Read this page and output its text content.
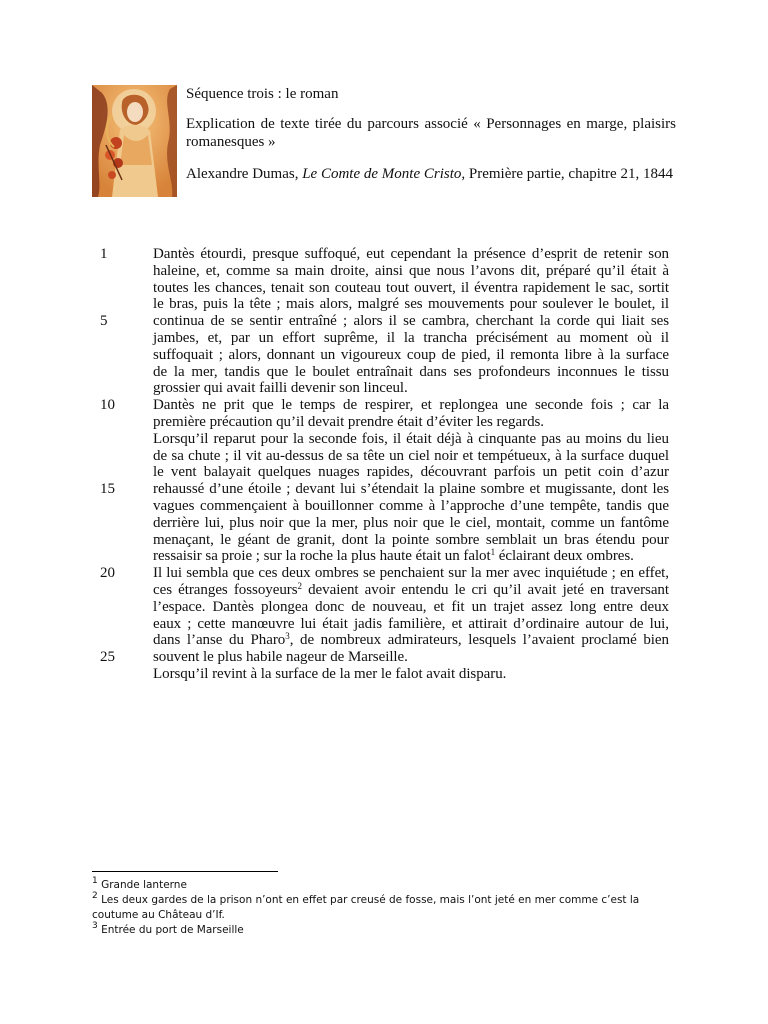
Séquence trois : le roman

Explication de texte tirée du parcours associé « Personnages en marge, plaisirs romanesques »

Alexandre Dumas, Le Comte de Monte Cristo, Première partie, chapitre 21, 1844

1
5
10
15
20
25
Dantès étourdi, presque suffoqué, eut cependant la présence d’esprit de retenir son
haleine, et, comme sa main droite, ainsi que nous l’avons dit, préparé qu’il était à
toutes les chances, tenait son couteau tout ouvert, il éventra rapidement le sac, sortit
le bras, puis la tête ; mais alors, malgré ses mouvements pour soulever le boulet, il
continua de se sentir entraîné ; alors il se cambra, cherchant la corde qui liait ses
jambes, et, par un effort suprême, il la trancha précisément au moment où il
suffoquait ; alors, donnant un vigoureux coup de pied, il remonta libre à la surface
de la mer, tandis que le boulet entraînait dans ses profondeurs inconnues le tissu
grossier qui avait failli devenir son linceul.
Dantès ne prit que le temps de respirer, et replongea une seconde fois ; car la
première précaution qu’il devait prendre était d’éviter les regards.
Lorsqu’il reparut pour la seconde fois, il était déjà à cinquante pas au moins du lieu
de sa chute ; il vit au-dessus de sa tête un ciel noir et tempétueux, à la surface duquel
le vent balayait quelques nuages rapides, découvrant parfois un petit coin d’azur
rehaussé d’une étoile ; devant lui s’étendait la plaine sombre et mugissante, dont les
vagues commençaient à bouillonner comme à l’approche d’une tempête, tandis que
derrière lui, plus noir que la mer, plus noir que le ciel, montait, comme un fantôme
menaçant, le géant de granit, dont la pointe sombre semblait un bras étendu pour
ressaisir sa proie ; sur la roche la plus haute était un falot$^1$ éclairant deux ombres.
Il lui sembla que ces deux ombres se penchaient sur la mer avec inquiétude ; en effet,
ces étranges fossoyeurs$^2$ devaient avoir entendu le cri qu’il avait jeté en traversant
l’espace. Dantès plongea donc de nouveau, et fit un trajet assez long entre deux
eaux ; cette manœuvre lui était jadis familière, et attirait d’ordinaire autour de lui,
dans l’anse du Pharo$^3$, de nombreux admirateurs, lesquels l’avaient proclamé bien
souvent le plus habile nageur de Marseille.
Lorsqu’il revint à la surface de la mer le falot avait disparu.
$^1$ Grande lanterne
$^2$ Les deux gardes de la prison n’ont en effet par creusé de fosse, mais l’ont jeté en mer comme c’est la coutume au Château d’If.
$^3$ Entrée du port de Marseille
